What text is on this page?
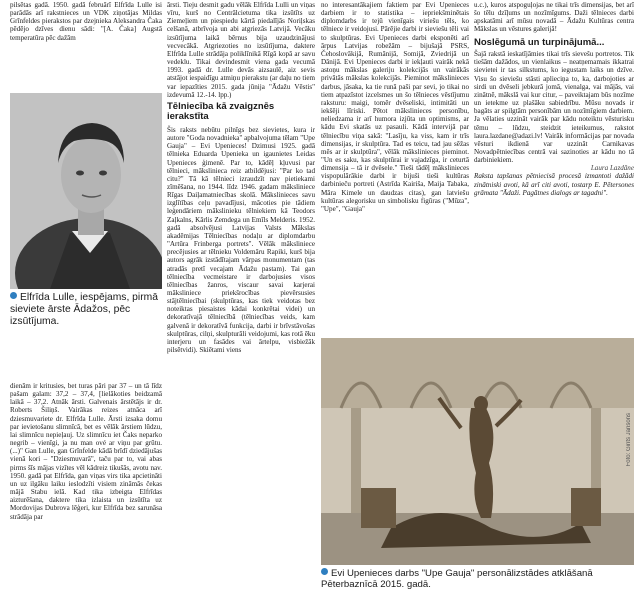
pilsētas gadā. 1950. gadā februārī Elfrīda Lulle isi parādās arī rakstnieces un VDK ziņotājas Mildas Grīnfeldes pierakstos par dzejnieka Aleksandra Čaka pēdējo dzīves dienu sādi: "[A. Čaka] Augstā temperatūra pēc dažām

Elfrīda Lulle, iespējams, pirmā sieviete ārste Ādažos, pēc izsūtījuma.

dienām ir kritusies, bet turas pāri par 37 – un tā līdz pašam galam: 37,2 – 37,4, [lielākoties beidzamā laikā – 37,2. Atnāk ārsti. Galvenais ārstētājs ir dr. Roberts Šiliņš. Vairākas reizes atnāca arī dziesmuvariete dr. Elfrīda Lulle. Ārsti izsaka domu par ievietošanu slimnīcā, bet es vēlāk ārstiem lūdzu, lai slimnīcu nepieļauj. Uz slimnīcu iet Čaks neparko negrib – vienīgi, ja nu man ové ar viņu par grūtu. (...)" Gan Lulle, gan Grīnfelde kādā brīdī dziedājušas vienā kori – "Dziesmuvarā", taču par to, vai abas pirms šīs mājas vizītes vēl kādreiz tikušās, avotu nav. 1950. gadā pat Elfrīda, gan viņas virs tika apcietināti un uz ilgāku laiku ieslodzīti visiem zināmās čekas mājā Stabu ielā. Kad tika izbeigta Elfrīdas aizturēšana, daktere tika izlaista un izsūtīta uz Mordovijas Dubrova lēģeri, kur Elfrīda bez sarunāsa strādāja par

ārsti. Tieju desmit gadu vēlāk Elfrīda Lulli un viņas vīru, kurš no Centrālcietuma tika izsūtīts uz Ziemeļiem un piespiedu kārtā piedalījās Noriļskas celšanā, atbrīvoja un abi atgriezās Latvijā. Vecāku izsūtījuma laikā bērnus bija uzaudzinājusi vecvecākā. Atgriezoties no izsūtījuma, daktere Elfrīda Lulle strādāja poliklīnikā Rīgā kopā ar savu vedeklu. Tikai devindesmit viena gada vecumā 1993. gadā dr. Lulle devās aizsaulē, aiz sevis atstājot iespaidīgu atmiņu pierakstu (ar daļu no tiem var iepazīties 2015. gada jūnija "Ādažu Vēstis" izdevumā 12.-14. lpp.)

Tēlniecība kā zvaigznēs ierakstīta

Šis raksts nebūtu pilnīgs bez sievietes, kura ir autore "Goda novadnieka" apbalvojuma tēlam "Upe Gauja" – Evi Upenieces! Dzimusi 1925. gadā tēlnieka Eduarda Upenieka un igaunietes Leidas Upenieces ģimenē. Par to, kādēļ kļuvusi par tēlnieci, mākslinieca reiz atbildējusi: "Par ko tad citu?" Tā kā tēlnieci izraudzīt nav pietiekami zīmēšana, no 1944. līdz 1946. gadam māksliniece Rīgas Daiļamatniecības skolā. Mākslinieces savu izglītības ceļu pavadījusi, mācoties pie tādiem leģendāriem mākslinieku tēlniekiem kā Teodors Zaļkalns, Kārlis Zemdega un Emīls Melderis. 1952. gadā absolvējusi Latvijas Valsts Mākslas akadēmijas Tēlniecības nodaļu ar diplomdarbu "Artūra Frinberga portrets". Vēlāk māksliniece precējusies ar tēlnieku Voldemāru Rapiki, kurš bija autors agrāk izstādītajam vārpas monumentam (tas atradās pretī vecajam Ādažu pastam). Tai gan tēlniecība vecmeistare ir darbojusies visos tēlniecības žanros, viscaur savai karjerai māksliniece priekšrocības pievērsusies stājtēlniecībai (skulptūras, kas tiek veidotas bez noteiktas piesaistes kādai konkrētai videi) un dekoratīvajā tēlniecībā (tēlniecības veids, kam galvenā ir dekoratīvā funkcija, darbi ir brīvstāvošas skulptūras, cilņi, skulpturāli veidojumi, kas rotā ēku interjeru un fasādes vai ārtelpu, visbiežāk pilsētvidi). Skiētami viens

no interesantākajiem faktiem par Evi Upenieces darbiem ir to statistika – iepriekšminētais diplomdarbs ir tejū vienīgais viriešu tēls, ko tēlniece ir veidojusi. Pārējie darbi ir sieviešu tēli vai to skulptūras. Evi Upenieces darbi eksponēti arī ārpus Latvijas robežām – bijušajā PSRS, Čehoslovākijā, Rumānijā, Somijā, Zviedrijā un Dānijā. Evi Upenieces darbi ir iekļauti vairāk nekā astoņu mākslas galeriju kolekcijās un vairākās privātās mākslas kolekcijās. Pieminot mākslinieces darbus, jāsaka, ka tie runā paši par sevi, jo tikai no tiem atpazīstot izcelsmes un šo tēlnieces vēstījumu raksturu: maigi, tomēr dvēseliski, intimitāti un iekšēji līriski. Pētot mākslinieces personību, neliedzama ir arī humora izjūta un optimisms, ar kādu Evi skatās uz pasauli. Kādā intervijā par tēlniecību viņa sakā: "Lasīju, ka viss, kam ir trīs dimensijas, ir skulptūra. Tad es teicu, tad jau sēžas mēs ar ir skulptūra", vēlāk mākslinieces pieminot. "Un es saku, kas skulptūrai ir vajadzīga, ir ceturtā dimensija – tā ir dvēsele." Tieši tādēļ mākslinieces vispopulārākie darbi ir bijuši tieši kultūras darbinieču portreti (Astrīda Kairiša, Maija Tabaka, Māra Kimele un daudzas citas), gan latviešu kultūras alegorisku un simbolisku figūras ("Mūza", "Upe", "Gauja"

u.c.), kuros atspoguļojas ne tikai trīs dimensijas, bet arī šo tēlu dzīļums un nozīmīgums. Daži tēlnieces darbi apskatāmi arī mūsu novadā – Ādažu Kultūras centra Mākslas un vēstures galerijā!

Noslēgumā un turpinājumā...

Šajā rakstā ieskatījāmies tikai trīs sievešu portretos. Tik tiešām dažādos, un vienlaikus – neatņemamais ikkatrai sievietei ir tas silkstums, ko iegustam laiks un dzīve. Visu šo sieviešu stāsti aplieciņa to, ka, darbojoties ar sirdi un dvēseli jebkurā jomā, vienalga, vai mājās, vai zinātnē, mākslā vai kur citur, – paveiktajam būs nozīme un ietekme uz plašāku sabiedrību. Mūsu novads ir bagāts ar spilgtām personībām un nozīmīgiem darbiem. Ja vēlaties uzzināt vairāk par kādu noteiktu vēsturisku tēmu – lūdzu, steidzit ieteikumus, rakstot laura.lazdane@adazi.lv! Vairāk informācijas par novada vēsturi ikdienā var uzzināt Carnikavas Novadpētniecības centrā vai sazinoties ar kādu no tā darbiniekiem.

Laura Lazdāne

Raksta tapšanas pētniecisā procesā izmantoti dažādi zinātniski avoti, kā arī citi avoti, tostarp E. Pētersones grāmata "Ādaži. Pagātnes dialogs ar tagadni".

Foto: Gints Jansons
Evi Upenieces darbs "Upe Gauja" personālizstādes atklāšanā Pēterbaznīcā 2015. gadā.
